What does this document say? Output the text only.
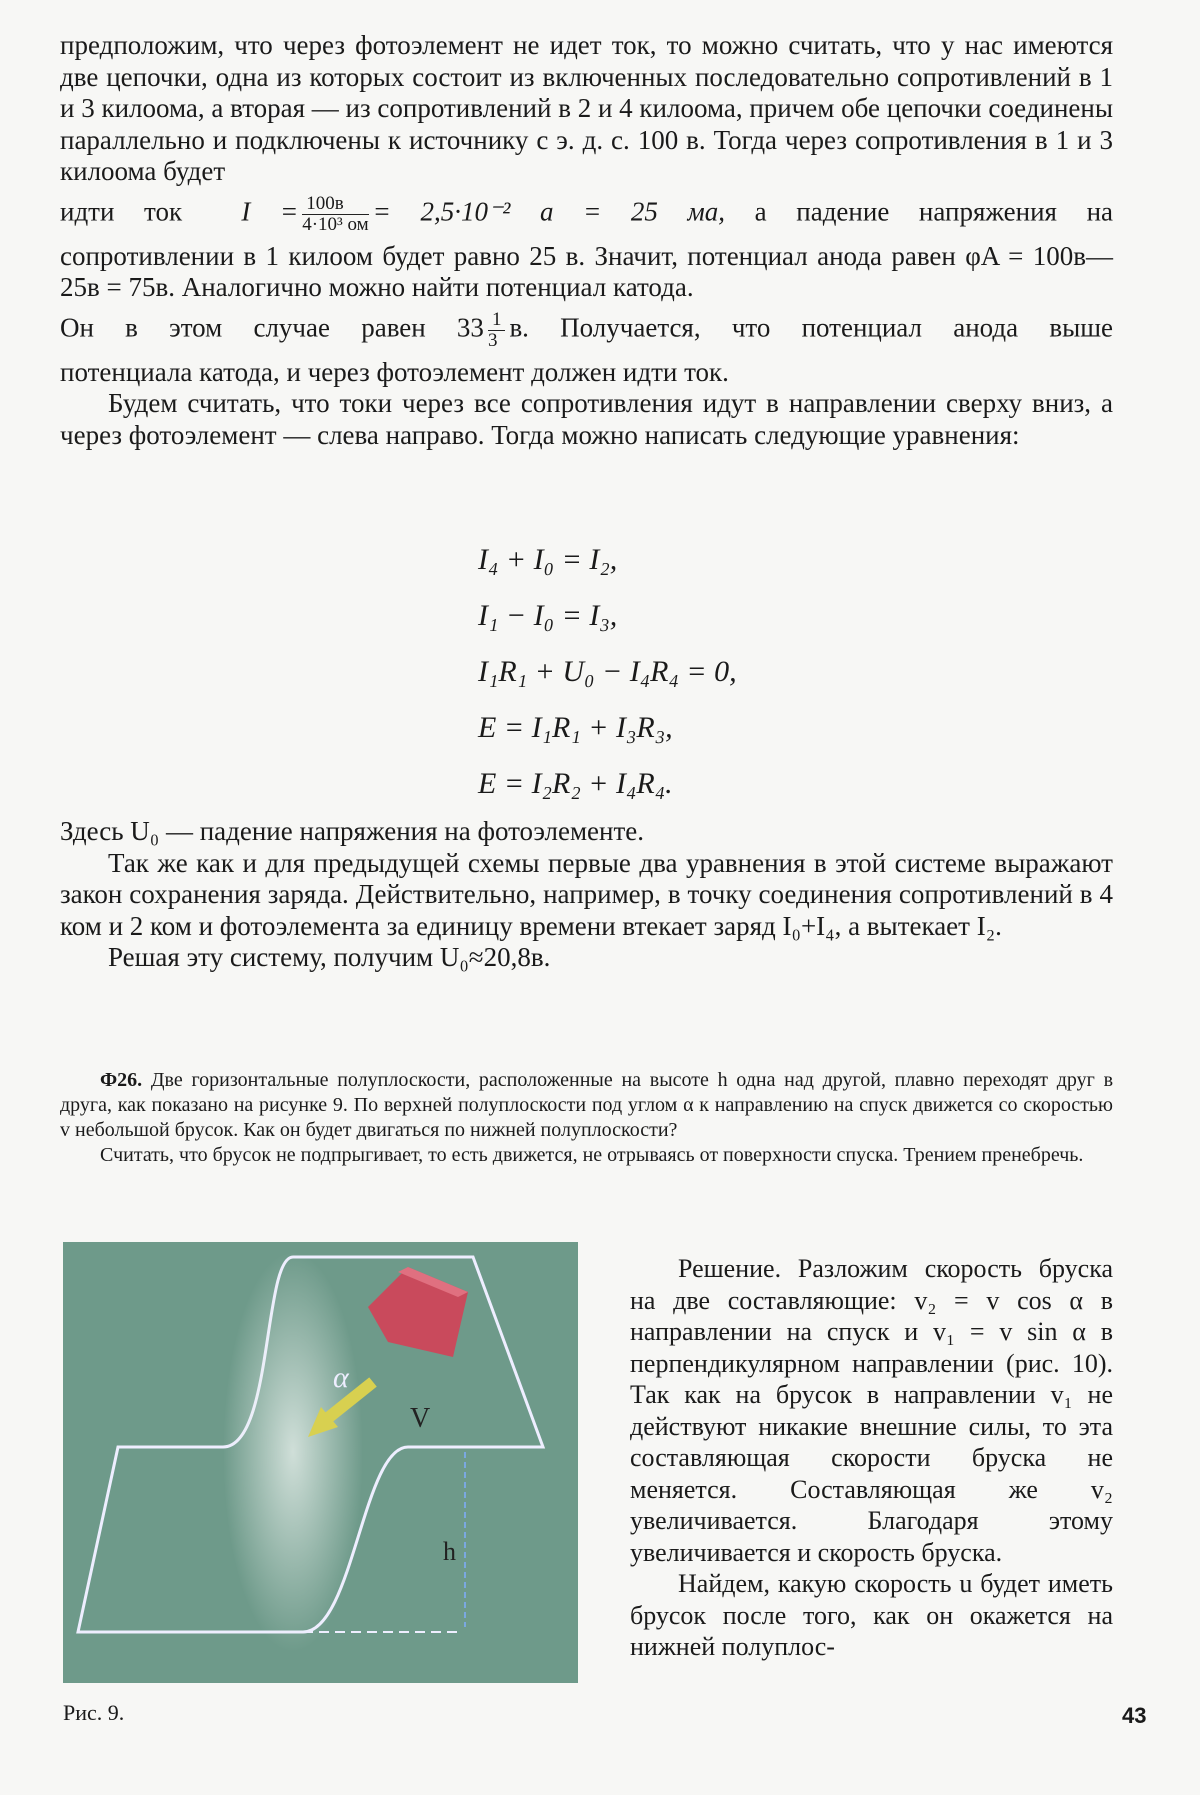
предположим, что через фотоэлемент не идет ток, то можно считать, что у нас имеются две цепочки, одна из которых состоит из включенных последовательно сопротивлений в 1 и 3 килоома, а вторая — из сопротивлений в 2 и 4 килоома, причем обе цепочки соединены параллельно и подключены к источнику с э. д. с. 100 в. Тогда через сопротивления в 1 и 3 килоома будет

идти ток $I = \frac{100в}{\text{4·10³ ом}} = 2,5\cdot 10^{-2}$ а = 25 ма, а падение напряжения на

сопротивлении в 1 килоом будет равно 25 в. Значит, потенциал анода равен φA = 100в—25в = 75в. Аналогично можно найти потенциал катода.

Он в этом случае равен $33 \frac{1}{3} в$. Получается, что потенциал анода выше

потенциала катода, и через фотоэлемент должен идти ток.

Будем считать, что токи через все сопротивления идут в направлении сверху вниз, а через фотоэлемент — слева направо. Тогда можно написать следующие уравнения:

I₄ + I₀ = I₂,
I₁ − I₀ = I₃,
I₁R₁ + U₀ − I₄R₄ = 0,
E = I₁R₁ + I₃R₃,
E = I₂R₂ + I₄R₄.

Здесь U₀ — падение напряжения на фотоэлементе.

Так же как и для предыдущей схемы первые два уравнения в этой системе выражают закон сохранения заряда. Действительно, например, в точку соединения сопротивлений в 4 ком и 2 ком и фотоэлемента за единицу времени втекает заряд I₀+I₄, а вытекает I₂.

Решая эту систему, получим U₀≈20,8в.

Ф26. Две горизонтальные полуплоскости, расположенные на высоте h одна над другой, плавно переходят друг в друга, как показано на рисунке 9. По верхней полуплоскости под углом α к направлению на спуск движется со скоростью v небольшой брусок. Как он будет двигаться по нижней полуплоскости?

Считать, что брусок не подпрыгивает, то есть движется, не отрываясь от поверхности спуска. Трением пренебречь.

α
V
h
Рис. 9.

Решение. Разложим скорость бруска на две составляющие: v₂ = v cos α в направлении на спуск и v₁ = v sin α в перпендикулярном направлении (рис. 10). Так как на брусок в направлении v₁ не действуют никакие внешние силы, то эта составляющая скорости бруска не меняется. Составляющая же v₂ увеличивается. Благодаря этому увеличивается и скорость бруска.

Найдем, какую скорость u будет иметь брусок после того, как он окажется на нижней полуплос-

43
